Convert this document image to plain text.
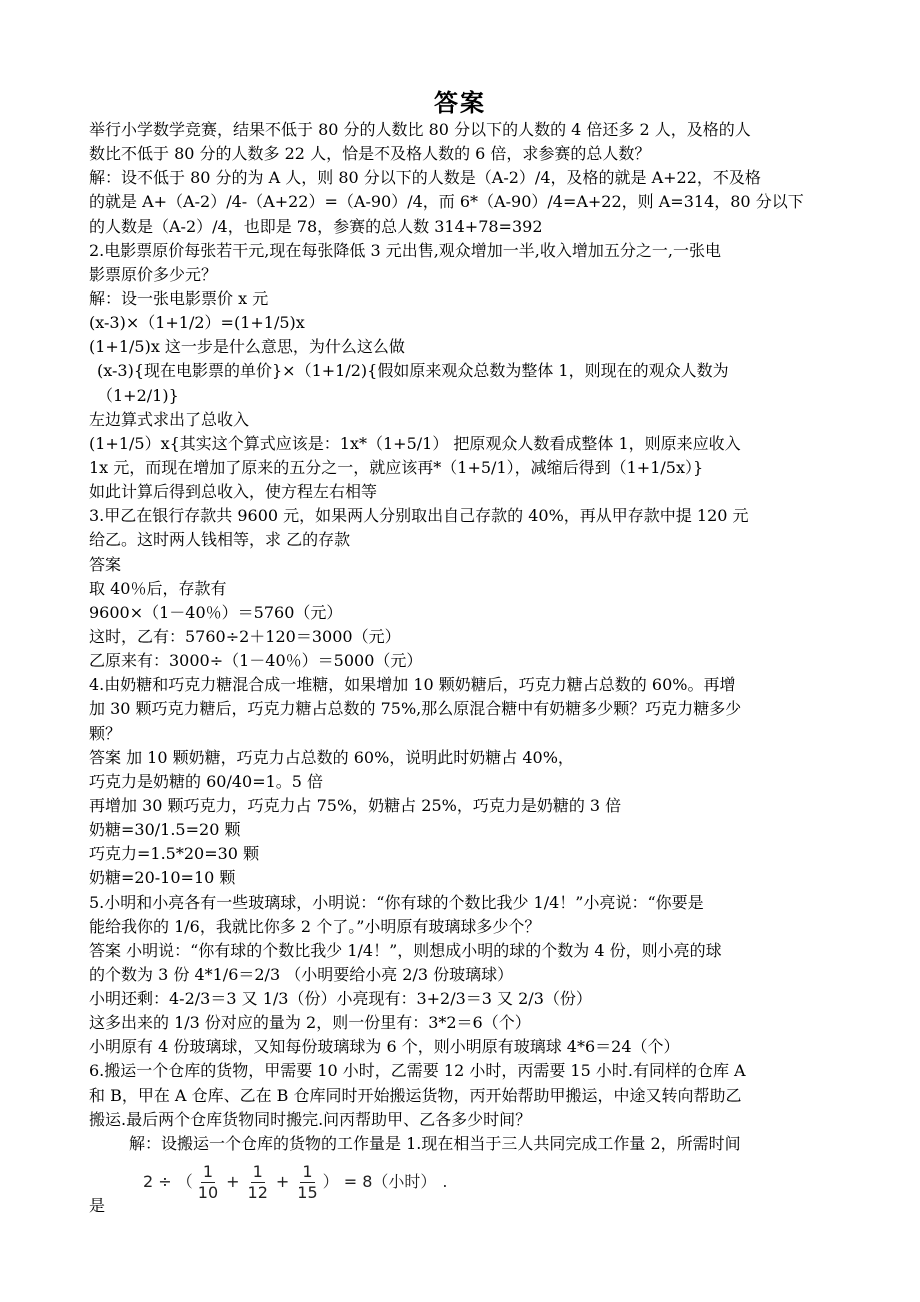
答案
举行小学数学竞赛，结果不低于 80 分的人数比 80 分以下的人数的 4 倍还多 2 人，及格的人
数比不低于 80 分的人数多 22 人，恰是不及格人数的 6 倍，求参赛的总人数？
解：设不低于 80 分的为 A 人，则 80 分以下的人数是（A-2）/4，及格的就是 A+22，不及格
的就是 A+（A-2）/4-（A+22）=（A-90）/4，而 6*（A-90）/4=A+22，则 A=314，80 分以下
的人数是（A-2）/4，也即是 78，参赛的总人数 314+78=392
2.电影票原价每张若干元,现在每张降低 3 元出售,观众增加一半,收入增加五分之一,一张电
影票原价多少元？
解：设一张电影票价 x 元
(x-3)×（1+1/2）=(1+1/5)x
(1+1/5)x 这一步是什么意思，为什么这么做
(x-3){现在电影票的单价}×（1+1/2){假如原来观众总数为整体 1，则现在的观众人数为
（1+2/1)}
左边算式求出了总收入
(1+1/5）x{其实这个算式应该是：1x*（1+5/1） 把原观众人数看成整体 1，则原来应收入
1x 元，而现在增加了原来的五分之一，就应该再*（1+5/1），减缩后得到（1+1/5x）}
如此计算后得到总收入，使方程左右相等
3.甲乙在银行存款共 9600 元，如果两人分别取出自己存款的 40%，再从甲存款中提 120 元
给乙。这时两人钱相等，求 乙的存款
答案
取 40％后，存款有
9600×（1－40％）＝5760（元）
这时，乙有：5760÷2＋120＝3000（元）
乙原来有：3000÷（1－40％）＝5000（元）
4.由奶糖和巧克力糖混合成一堆糖，如果增加 10 颗奶糖后，巧克力糖占总数的 60%。再增
加 30 颗巧克力糖后，巧克力糖占总数的 75%,那么原混合糖中有奶糖多少颗？巧克力糖多少
颗？
答案 加 10 颗奶糖，巧克力占总数的 60%，说明此时奶糖占 40%，
巧克力是奶糖的 60/40=1。5 倍
再增加 30 颗巧克力，巧克力占 75%，奶糖占 25%，巧克力是奶糖的 3 倍
奶糖=30/1.5=20 颗
巧克力=1.5*20=30 颗
奶糖=20-10=10 颗
5.小明和小亮各有一些玻璃球，小明说：“你有球的个数比我少 1/4！”小亮说：“你要是
能给我你的 1/6，我就比你多 2 个了。”小明原有玻璃球多少个？
答案 小明说：“你有球的个数比我少 1/4！”，则想成小明的球的个数为 4 份，则小亮的球
的个数为 3 份 4*1/6＝2/3 （小明要给小亮 2/3 份玻璃球）
小明还剩：4-2/3＝3 又 1/3（份）小亮现有：3+2/3＝3 又 2/3（份）
这多出来的 1/3 份对应的量为 2，则一份里有：3*2＝6（个）
小明原有 4 份玻璃球，又知每份玻璃球为 6 个，则小明原有玻璃球 4*6＝24（个）
6.搬运一个仓库的货物，甲需要 10 小时，乙需要 12 小时，丙需要 15 小时.有同样的仓库 A
和 B，甲在 A 仓库、乙在 B 仓库同时开始搬运货物，丙开始帮助甲搬运，中途又转向帮助乙
搬运.最后两个仓库货物同时搬完.问丙帮助甲、乙各多少时间？
解：设搬运一个仓库的货物的工作量是 1.现在相当于三人共同完成工作量 2，所需时间
是
2 ÷ （ $\frac{1}{10} + \frac{1}{12} + \frac{1}{15}$ ） = 8（小时） .
